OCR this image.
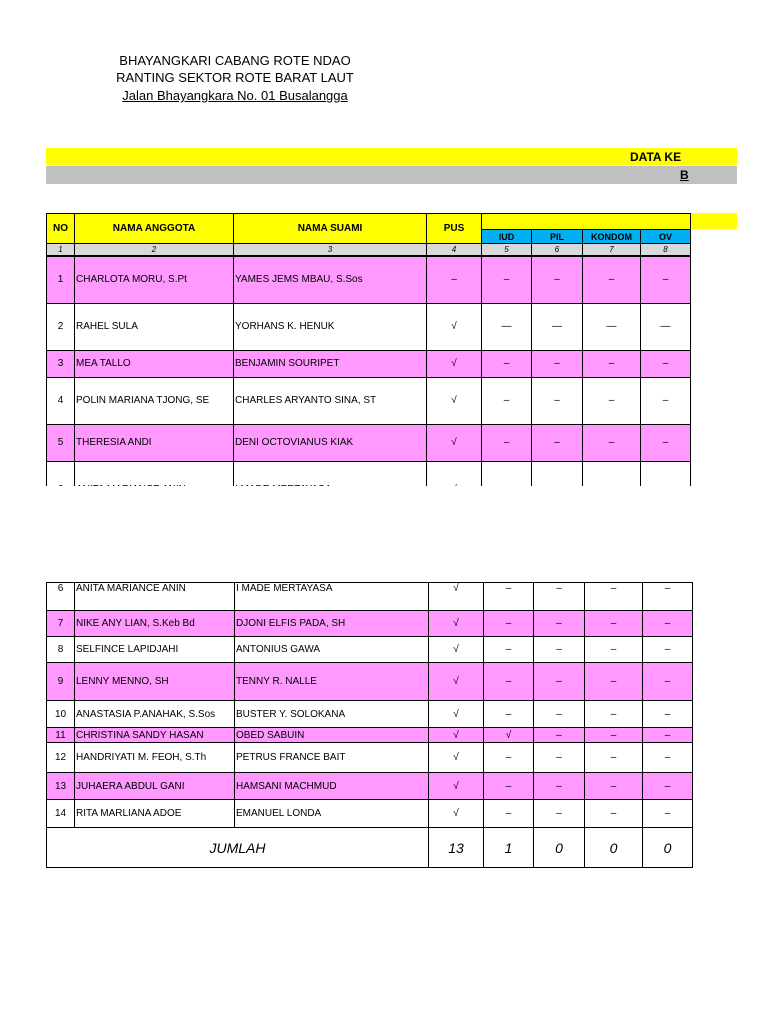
BHAYANGKARI CABANG ROTE NDAO
RANTING SEKTOR ROTE BARAT LAUT
Jalan Bhayangkara No. 01 Busalangga
DATA KE
B
NO	NAMA ANGGOTA	NAMA SUAMI	PUS				
				IUD	PIL	KONDOM	OV
1	2	3	4	5	6	7	8
1	CHARLOTA MORU, S.Pt	YAMES JEMS MBAU, S.Sos	–	–	–	–	–
2	RAHEL SULA	YORHANS K. HENUK	√	—	—	—	—
3	MEA TALLO	BENJAMIN SOURIPET	√	–	–	–	–
4	POLIN MARIANA TJONG, SE	CHARLES ARYANTO SINA, ST	√	–	–	–	–
5	THERESIA ANDI	DENI OCTOVIANUS KIAK	√	–	–	–	–

6	ANITA MARIANCE ANIN	I MADE MERTAYASA	√	–	–	–	–
7	NIKE ANY LIAN, S.Keb Bd	DJONI ELFIS PADA, SH	√	–	–	–	–
8	SELFINCE LAPIDJAHI	ANTONIUS GAWA	√	–	–	–	–
9	LENNY MENNO, SH	TENNY R. NALLE	√	–	–	–	–
10	ANASTASIA P.ANAHAK, S.Sos	BUSTER Y. SOLOKANA	√	–	–	–	–
11	CHRISTINA SANDY HASAN	OBED SABUIN	√	√	–	–	–
12	HANDRIYATI M. FEOH, S.Th	PETRUS FRANCE BAIT	√	–	–	–	–
13	JUHAERA ABDUL GANI	HAMSANI MACHMUD	√	–	–	–	–
14	RITA MARLIANA ADOE	EMANUEL LONDA	√	–	–	–	–
JUMLAH			13	1	0	0	0
